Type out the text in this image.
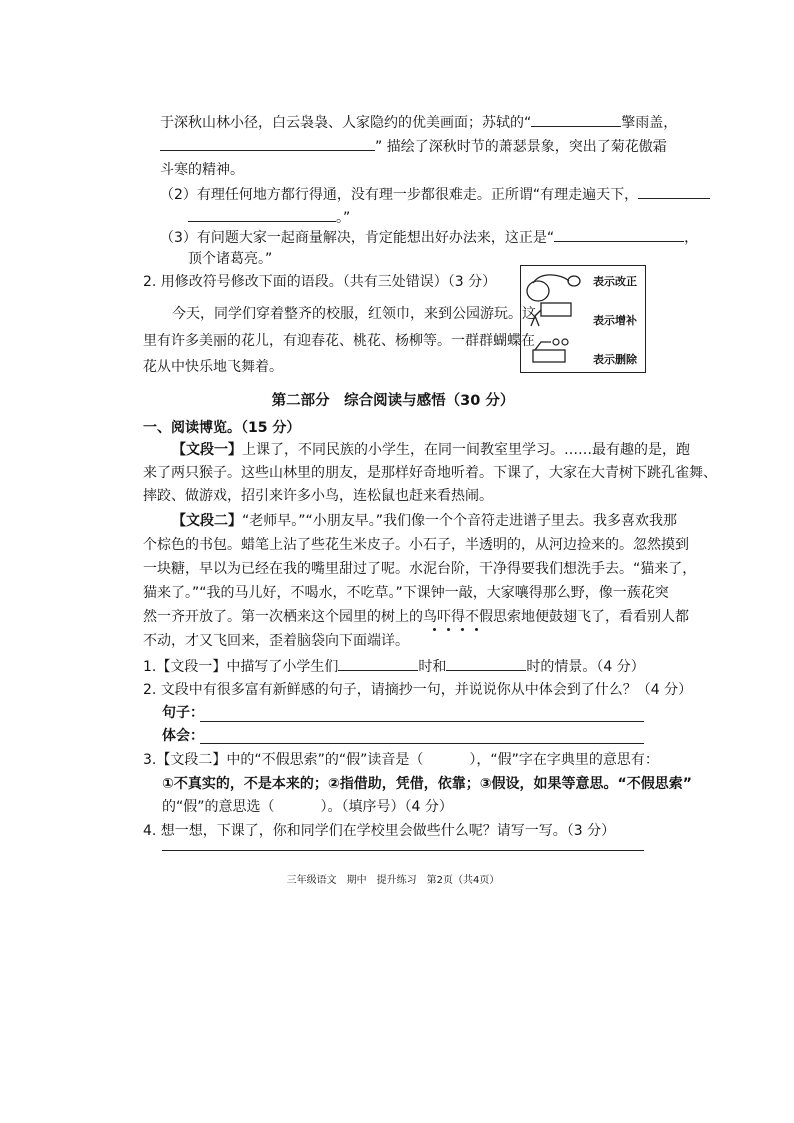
于深秋山林小径，白云袅袅、人家隐约的优美画面；苏轼的“	擎雨盖，
” 描绘了深秋时节的萧瑟景象，突出了菊花傲霜
斗寒的精神。
（2）有理任何地方都行得通，没有理一步都很难走。正所谓“有理走遍天下，
。”
（3）有问题大家一起商量解决，肯定能想出好办法来，这正是“	，
顶个诸葛亮。”
2. 用修改符号修改下面的语段。（共有三处错误）（3 分）
今天，同学们穿着整齐的校服，红领巾，来到公园游玩。这
里有许多美丽的花儿，有迎春花、桃花、杨柳等。一群群蝴蝶在
花从中快乐地飞舞着。
表示改正
表示增补
表示删除
第二部分　综合阅读与感悟（30 分）
一、阅读博览。（15 分）
【文段一】上课了，不同民族的小学生，在同一间教室里学习。……最有趣的是，跑
来了两只猴子。这些山林里的朋友，是那样好奇地听着。下课了，大家在大青树下跳孔雀舞、
摔跤、做游戏，招引来许多小鸟，连松鼠也赶来看热闹。
【文段二】“老师早。”“小朋友早。”我们像一个个音符走进谱子里去。我多喜欢我那
个棕色的书包。蜡笔上沾了些花生米皮子。小石子，半透明的，从河边捡来的。忽然摸到
一块糖，早以为已经在我的嘴里甜过了呢。水泥台阶，干净得要我们想洗手去。“猫来了，
猫来了。”“我的马儿好，不喝水，不吃草。”下课钟一敲，大家嚷得那么野，像一蔟花突
然一齐开放了。第一次栖来这个园里的树上的鸟吓得不假思索地便鼓翅飞了，看看别人都
不动，才又飞回来，歪着脑袋向下面端详。
1.【文段一】中描写了小学生们	时和	时的情景。（4 分）
2. 文段中有很多富有新鲜感的句子，请摘抄一句，并说说你从中体会到了什么？（4 分）
句子：
体会：
3.【文段二】中的“不假思索”的“假”读音是（	），“假”字在字典里的意思有：
①不真实的，不是本来的；②指借助，凭借，依靠；③假设，如果等意思。“不假思索”
的“假”的意思选（	）。（填序号）（4 分）
4. 想一想，下课了，你和同学们在学校里会做些什么呢？请写一写。（3 分）
三年级语文　期中　提升练习　第2页（共4页）
